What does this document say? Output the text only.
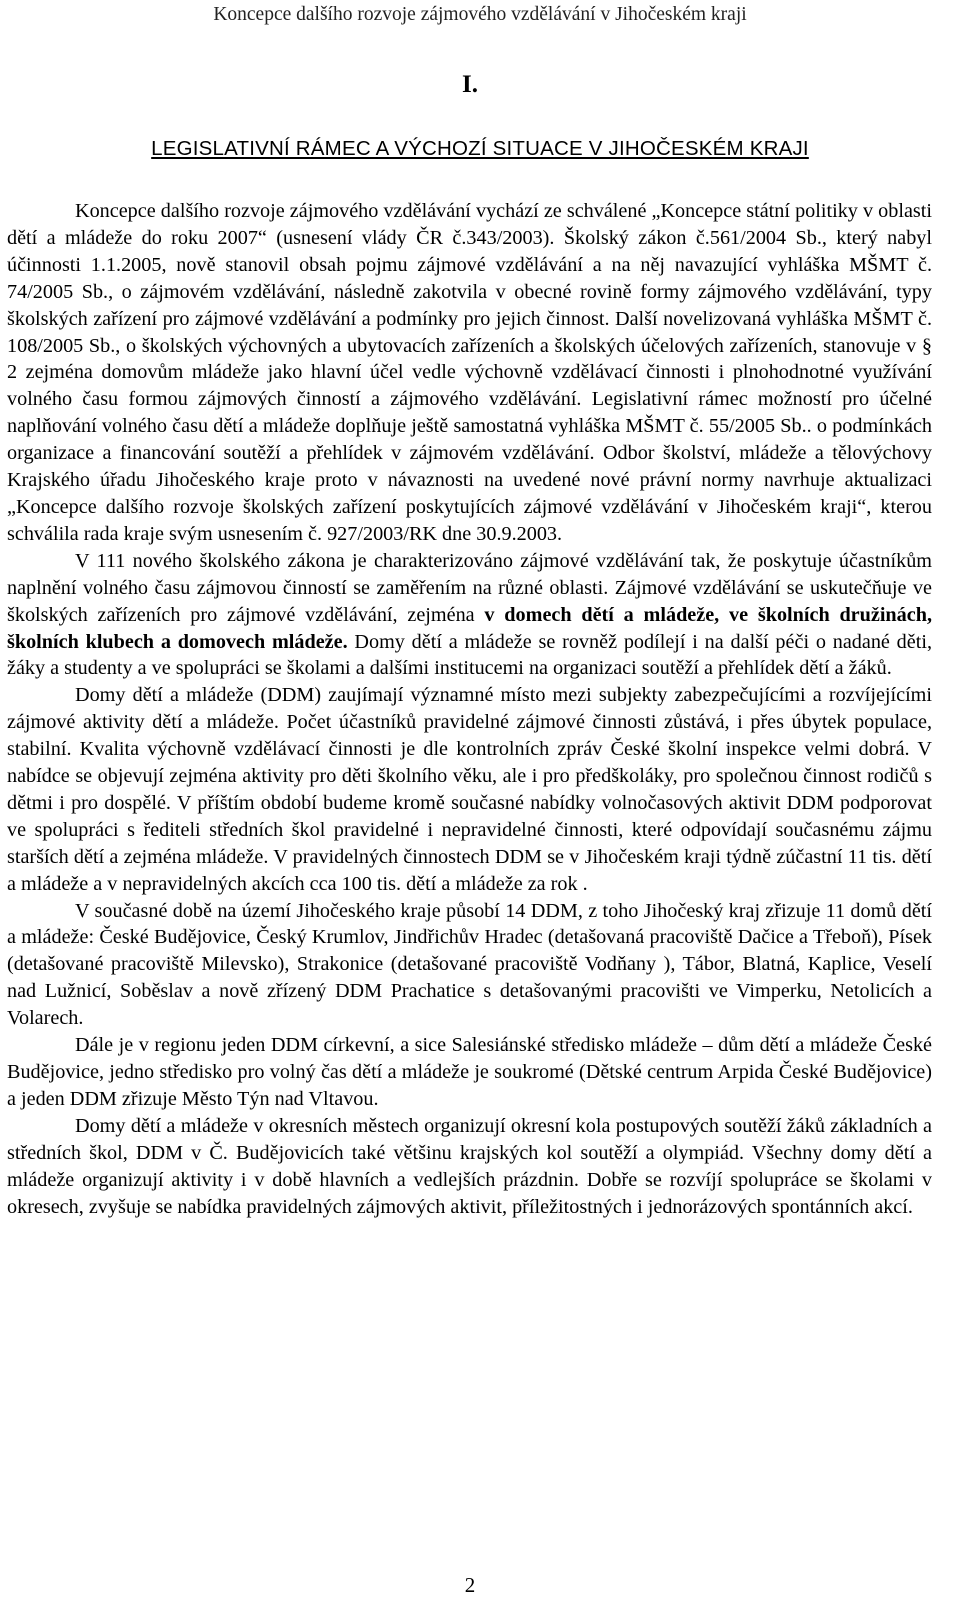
Koncepce dalšího rozvoje zájmového vzdělávání v Jihočeském kraji
I.
LEGISLATIVNÍ RÁMEC A VÝCHOZÍ SITUACE V JIHOČESKÉM KRAJI

Koncepce dalšího rozvoje zájmového vzdělávání vychází ze schválené „Koncepce státní politiky v oblasti dětí a mládeže do roku 2007“ (usnesení vlády ČR č.343/2003). Školský zákon č.561/2004 Sb., který nabyl účinnosti 1.1.2005, nově stanovil obsah pojmu zájmové vzdělávání a na něj navazující vyhláška MŠMT č. 74/2005 Sb., o zájmovém vzdělávání, následně zakotvila v obecné rovině formy zájmového vzdělávání, typy školských zařízení pro zájmové vzdělávání a podmínky pro jejich činnost. Další novelizovaná vyhláška MŠMT č. 108/2005 Sb., o školských výchovných a ubytovacích zařízeních a školských účelových zařízeních, stanovuje v § 2 zejména domovům mládeže jako hlavní účel vedle výchovně vzdělávací činnosti i plnohodnotné využívání volného času formou zájmových činností a zájmového vzdělávání. Legislativní rámec možností pro účelné naplňování volného času dětí a mládeže doplňuje ještě samostatná vyhláška MŠMT č. 55/2005 Sb.. o podmínkách organizace a financování soutěží a přehlídek v zájmovém vzdělávání. Odbor školství, mládeže a tělovýchovy Krajského úřadu Jihočeského kraje proto v návaznosti na uvedené nové právní normy navrhuje aktualizaci „Koncepce dalšího rozvoje školských zařízení poskytujících zájmové vzdělávání v Jihočeském kraji“, kterou schválila rada kraje svým usnesením č. 927/2003/RK dne 30.9.2003.

V 111 nového školského zákona je charakterizováno zájmové vzdělávání tak, že poskytuje účastníkům naplnění volného času zájmovou činností se zaměřením na různé oblasti. Zájmové vzdělávání se uskutečňuje ve školských zařízeních pro zájmové vzdělávání, zejména v domech dětí a mládeže, ve školních družinách, školních klubech a domovech mládeže. Domy dětí a mládeže se rovněž podílejí i na další péči o nadané děti, žáky a studenty a ve spolupráci se školami a dalšími institucemi na organizaci soutěží a přehlídek dětí a žáků.

Domy dětí a mládeže (DDM) zaujímají významné místo mezi subjekty zabezpečujícími a rozvíjejícími zájmové aktivity dětí a mládeže. Počet účastníků pravidelné zájmové činnosti zůstává, i přes úbytek populace, stabilní. Kvalita výchovně vzdělávací činnosti je dle kontrolních zpráv České školní inspekce velmi dobrá. V nabídce se objevují zejména aktivity pro děti školního věku, ale i pro předškoláky, pro společnou činnost rodičů s dětmi i pro dospělé. V příštím období budeme kromě současné nabídky volnočasových aktivit DDM podporovat ve spolupráci s řediteli středních škol pravidelné i nepravidelné činnosti, které odpovídají současnému zájmu starších dětí a zejména mládeže. V pravidelných činnostech DDM se v Jihočeském kraji týdně zúčastní 11 tis. dětí a mládeže a v nepravidelných akcích cca 100 tis. dětí a mládeže za rok .

V současné době na území Jihočeského kraje působí 14 DDM, z toho Jihočeský kraj zřizuje 11 domů dětí a mládeže: České Budějovice, Český Krumlov, Jindřichův Hradec (detašovaná pracoviště Dačice a Třeboň), Písek (detašované pracoviště Milevsko), Strakonice (detašované pracoviště Vodňany ), Tábor, Blatná, Kaplice, Veselí nad Lužnicí, Soběslav a nově zřízený DDM Prachatice s detašovanými pracovišti ve Vimperku, Netolicích a Volarech.

Dále je v regionu jeden DDM církevní, a sice Salesiánské středisko mládeže – dům dětí a mládeže České Budějovice, jedno středisko pro volný čas dětí a mládeže je soukromé (Dětské centrum Arpida České Budějovice) a jeden DDM zřizuje Město Týn nad Vltavou.

Domy dětí a mládeže v okresních městech organizují okresní kola postupových soutěží žáků základních a středních škol, DDM v Č. Budějovicích také většinu krajských kol soutěží a olympiád. Všechny domy dětí a mládeže organizují aktivity i v době hlavních a vedlejších prázdnin. Dobře se rozvíjí spolupráce se školami v okresech, zvyšuje se nabídka pravidelných zájmových aktivit, příležitostných i jednorázových spontánních akcí.

2
